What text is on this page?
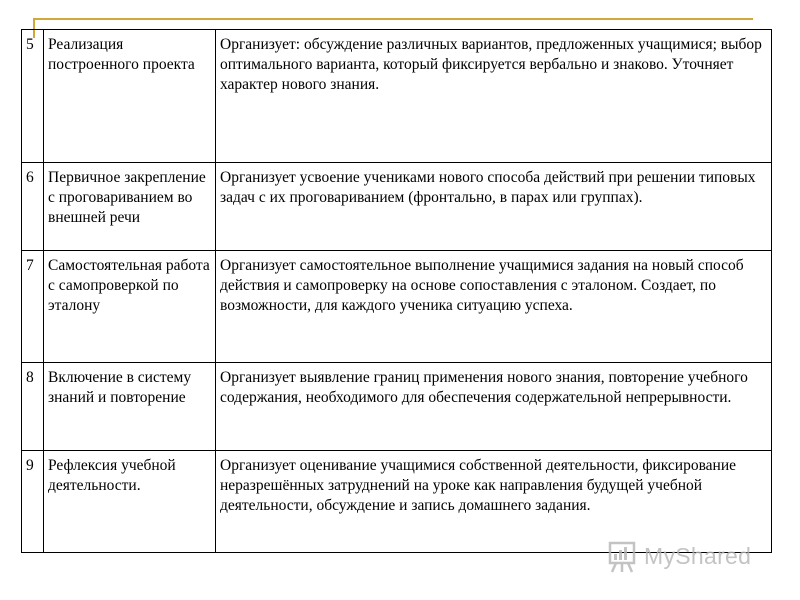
5	Реализация построенного проекта	Организует: обсуждение различных вариантов, предложенных учащимися; выбор оптимального варианта, который фиксируется вербально и знаково. Уточняет характер нового знания.
6	Первичное закрепление с проговариванием во внешней речи	Организует усвоение учениками нового способа действий при решении типовых задач с их проговариванием (фронтально, в парах или группах).
7	Самостоятельная работа с самопроверкой по эталону	Организует самостоятельное выполнение учащимися задания на новый способ действия и самопроверку на основе сопоставления с эталоном. Создает, по возможности, для каждого ученика ситуацию успеха.
8	Включение в систему знаний и повторение	Организует выявление границ применения нового знания, повторение учебного содержания, необходимого для обеспечения содержательной непрерывности.
9	Рефлексия учебной деятельности.	Организует оценивание учащимися собственной деятельности, фиксирование неразрешённых затруднений на уроке как направления будущей учебной деятельности, обсуждение и запись домашнего задания.
MyShared
